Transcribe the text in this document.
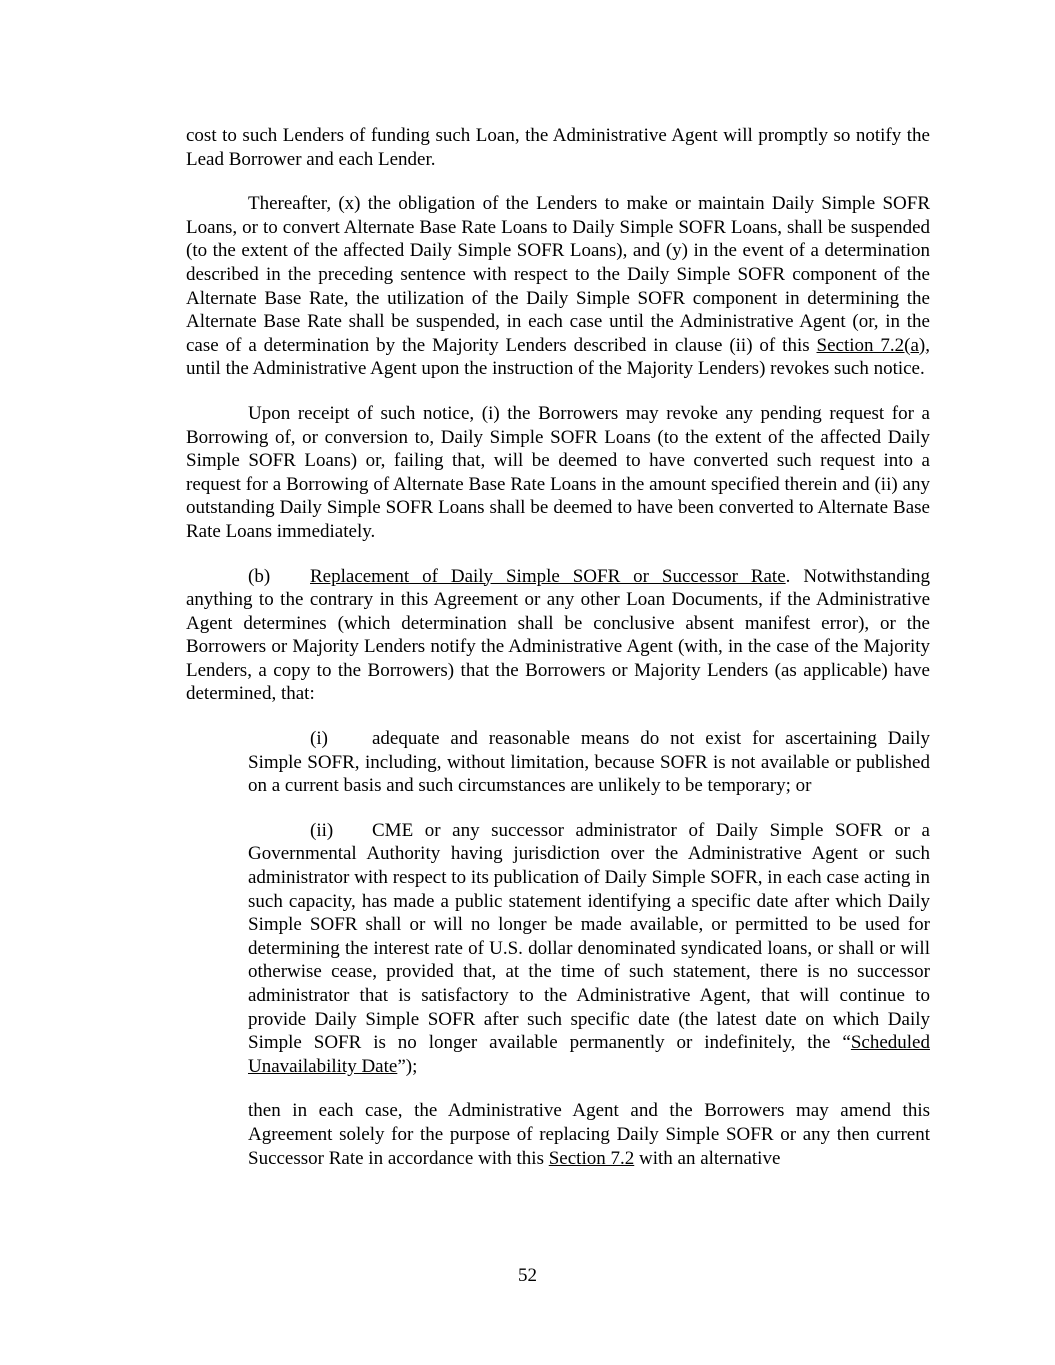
cost to such Lenders of funding such Loan, the Administrative Agent will promptly so notify the Lead Borrower and each Lender.

Thereafter, (x) the obligation of the Lenders to make or maintain Daily Simple SOFR Loans, or to convert Alternate Base Rate Loans to Daily Simple SOFR Loans, shall be suspended (to the extent of the affected Daily Simple SOFR Loans), and (y) in the event of a determination described in the preceding sentence with respect to the Daily Simple SOFR component of the Alternate Base Rate, the utilization of the Daily Simple SOFR component in determining the Alternate Base Rate shall be suspended, in each case until the Administrative Agent (or, in the case of a determination by the Majority Lenders described in clause (ii) of this Section 7.2(a), until the Administrative Agent upon the instruction of the Majority Lenders) revokes such notice.

Upon receipt of such notice, (i) the Borrowers may revoke any pending request for a Borrowing of, or conversion to, Daily Simple SOFR Loans (to the extent of the affected Daily Simple SOFR Loans) or, failing that, will be deemed to have converted such request into a request for a Borrowing of Alternate Base Rate Loans in the amount specified therein and (ii) any outstanding Daily Simple SOFR Loans shall be deemed to have been converted to Alternate Base Rate Loans immediately.

(b) Replacement of Daily Simple SOFR or Successor Rate. Notwithstanding anything to the contrary in this Agreement or any other Loan Documents, if the Administrative Agent determines (which determination shall be conclusive absent manifest error), or the Borrowers or Majority Lenders notify the Administrative Agent (with, in the case of the Majority Lenders, a copy to the Borrowers) that the Borrowers or Majority Lenders (as applicable) have determined, that:

(i) adequate and reasonable means do not exist for ascertaining Daily Simple SOFR, including, without limitation, because SOFR is not available or published on a current basis and such circumstances are unlikely to be temporary; or

(ii) CME or any successor administrator of Daily Simple SOFR or a Governmental Authority having jurisdiction over the Administrative Agent or such administrator with respect to its publication of Daily Simple SOFR, in each case acting in such capacity, has made a public statement identifying a specific date after which Daily Simple SOFR shall or will no longer be made available, or permitted to be used for determining the interest rate of U.S. dollar denominated syndicated loans, or shall or will otherwise cease, provided that, at the time of such statement, there is no successor administrator that is satisfactory to the Administrative Agent, that will continue to provide Daily Simple SOFR after such specific date (the latest date on which Daily Simple SOFR is no longer available permanently or indefinitely, the “Scheduled Unavailability Date”);

then in each case, the Administrative Agent and the Borrowers may amend this Agreement solely for the purpose of replacing Daily Simple SOFR or any then current Successor Rate in accordance with this Section 7.2 with an alternative

52
